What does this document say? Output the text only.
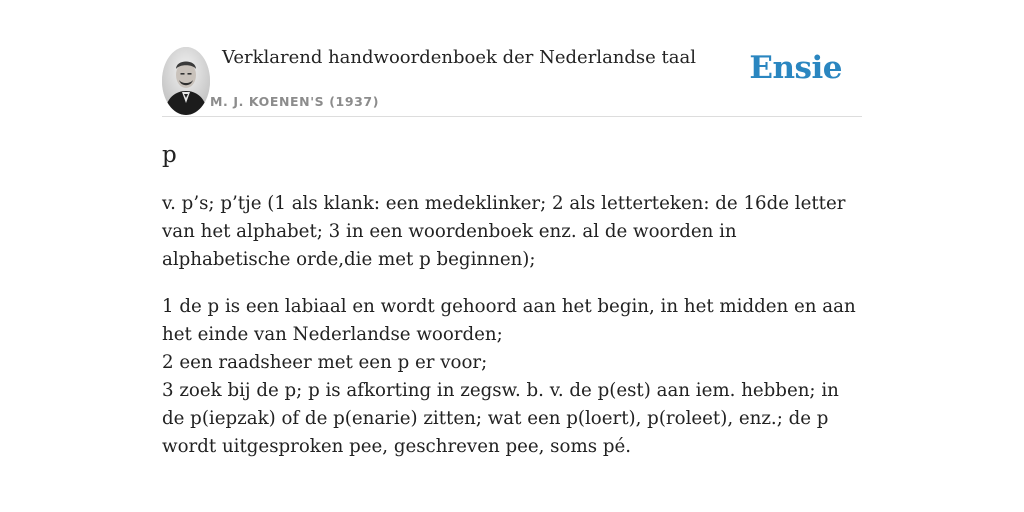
Verklarend handwoordenboek der Nederlandse taal
M. J. KOENEN'S (1937)
Ensie
p

v. p’s; p’tje (1 als klank: een medeklinker; 2 als letterteken: de 16de letter van het alphabet; 3 in een woordenboek enz. al de woorden in alphabetische orde,die met p beginnen);

1 de p is een labiaal en wordt gehoord aan het begin, in het midden en aan het einde van Nederlandse woorden;
2 een raadsheer met een p er voor;
3 zoek bij de p; p is afkorting in zegsw. b. v. de p(est) aan iem. hebben; in de p(iepzak) of de p(enarie) zitten; wat een p(loert), p(roleet), enz.; de p wordt uitgesproken pee, geschreven pee, soms pé.
